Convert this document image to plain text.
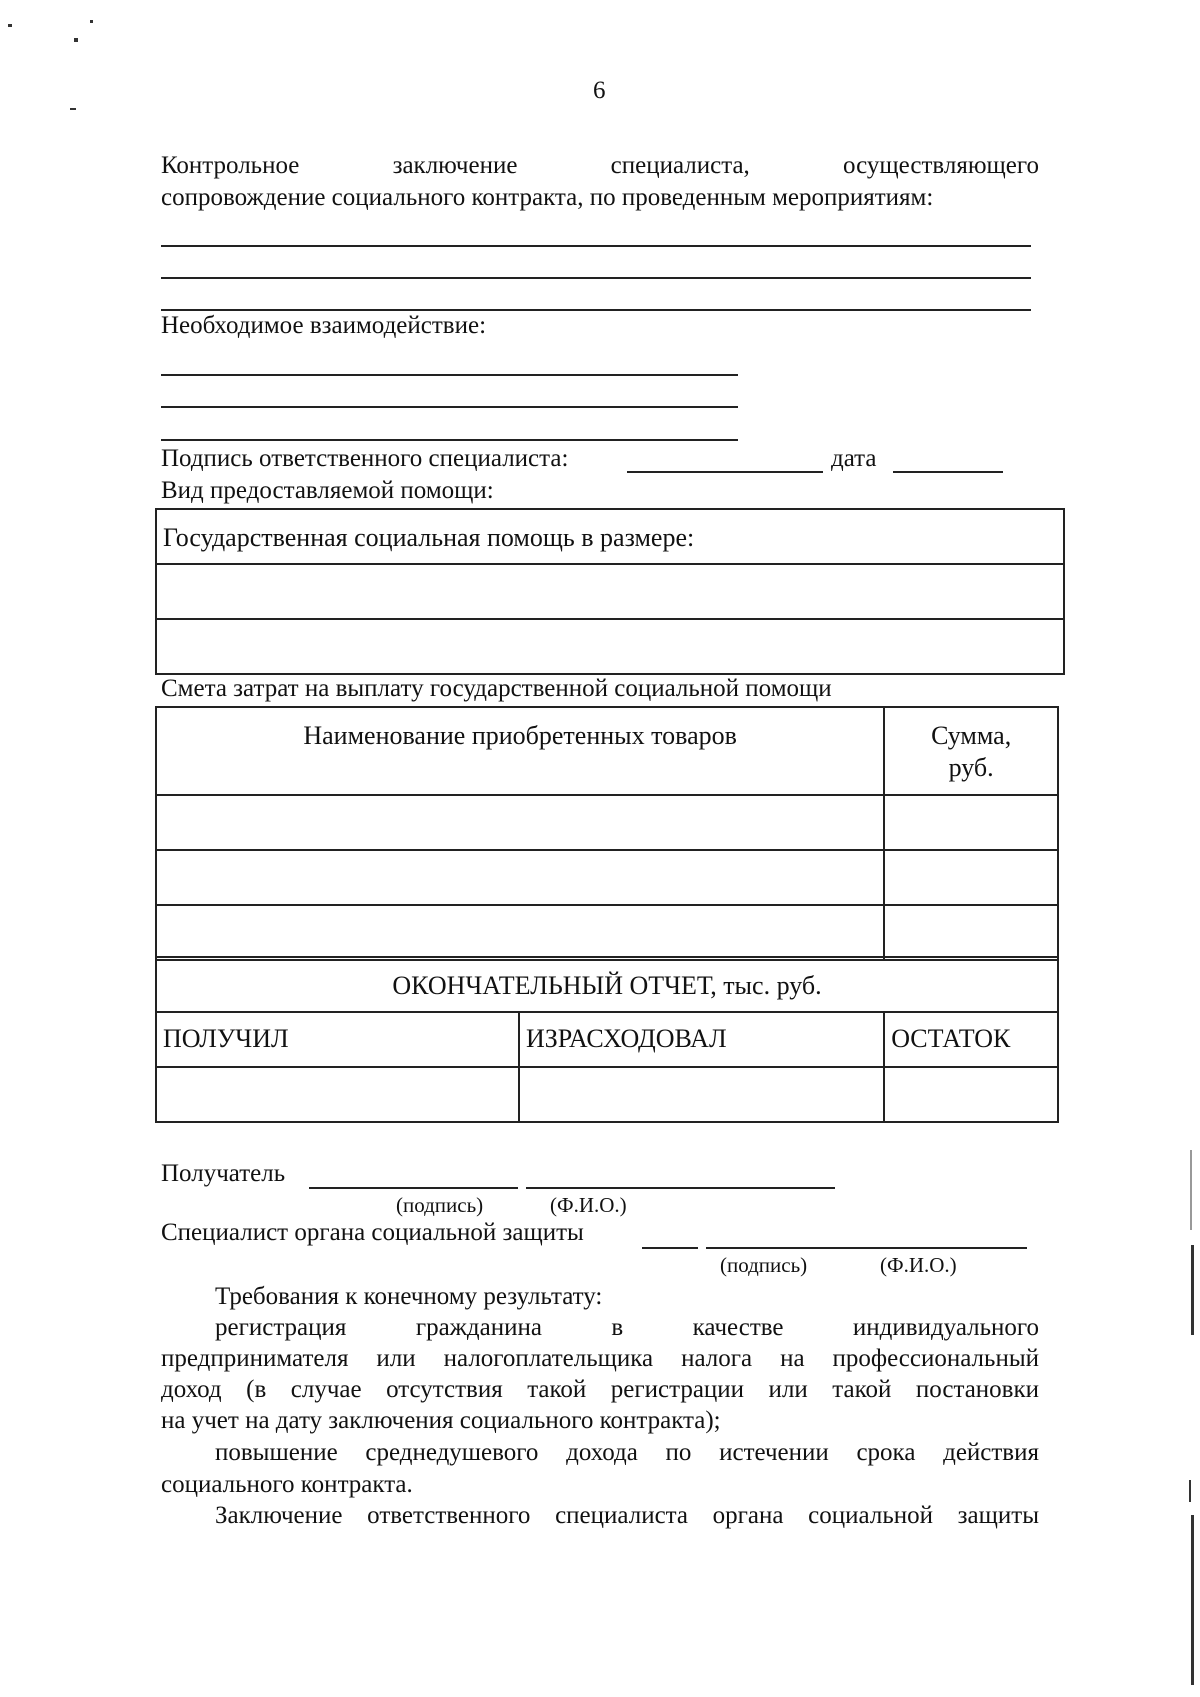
6
Контрольное	заключение	специалиста,	осуществляющего
сопровождение социального контракта, по проведенным мероприятиям:
Необходимое взаимодействие:
Подпись ответственного специалиста:	дата
Вид предоставляемой помощи:
Государственная социальная помощь в размере:

Смета затрат на выплату государственной социальной помощи
Наименование приобретенных товаров	Сумма,
руб.

ОКОНЧАТЕЛЬНЫЙ ОТЧЕТ, тыс. руб.		
ПОЛУЧИЛ	ИЗРАСХОДОВАЛ	ОСТАТОК

Получатель
(подпись)	(Ф.И.О.)
Специалист органа социальной защиты
(подпись)	(Ф.И.О.)
Требования к конечному результату:
регистрация	гражданина	в	качестве	индивидуального
предпринимателя или налогоплательщика налога на профессиональный
доход (в случае отсутствия такой регистрации или такой постановки
на учет на дату заключения социального контракта);
повышение среднедушевого дохода по истечении срока действия
социального контракта.
Заключение ответственного специалиста органа социальной защиты
